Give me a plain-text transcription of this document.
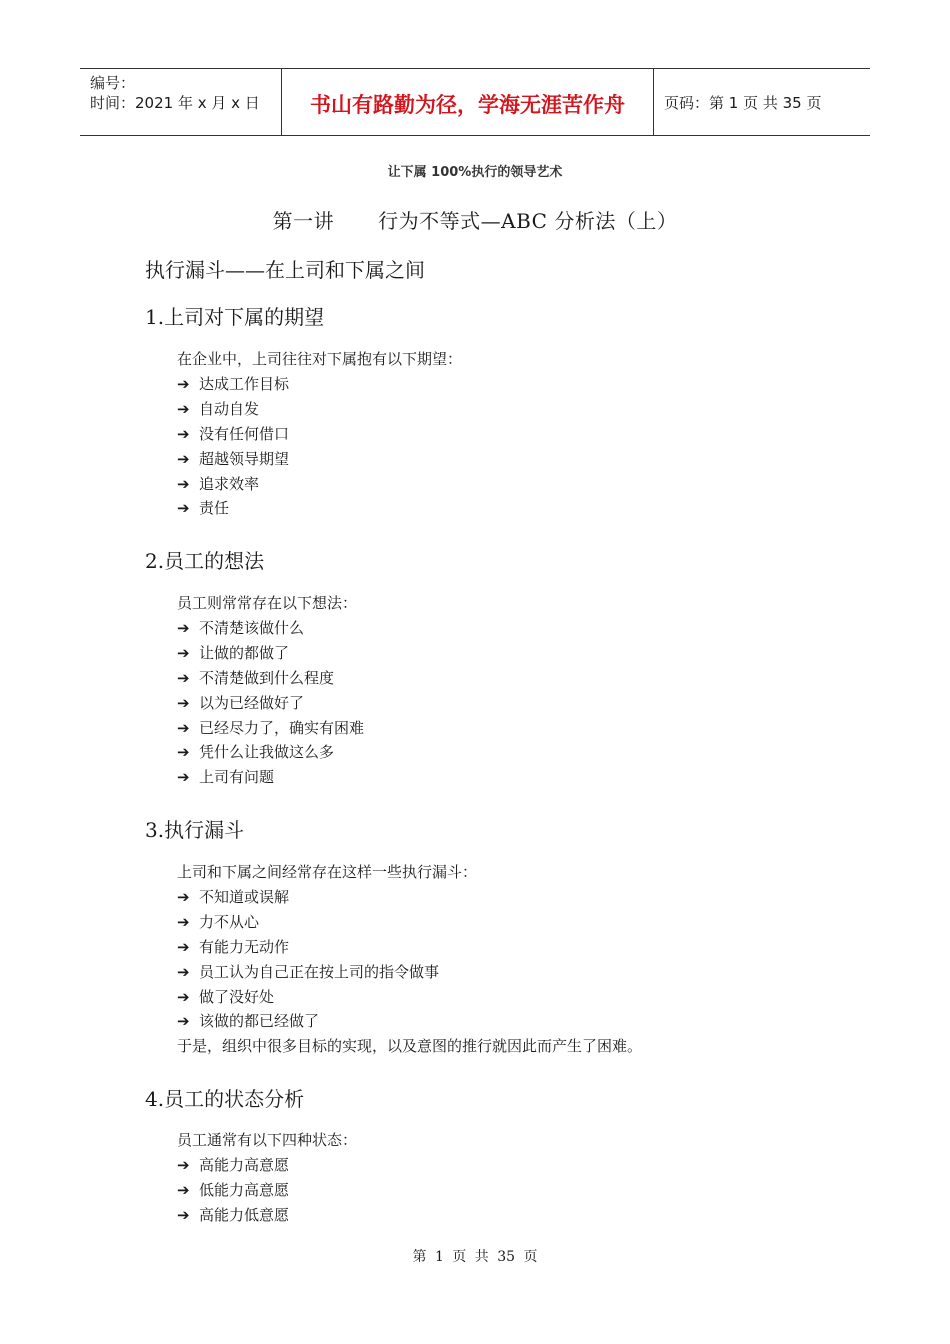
编号：
时间：2021 年 x 月 x 日	书山有路勤为径，学海无涯苦作舟	页码：第 1 页 共 35 页
让下属 100%执行的领导艺术
第一讲 行为不等式—ABC 分析法（上）
执行漏斗——在上司和下属之间
1.上司对下属的期望
在企业中，上司往往对下属抱有以下期望：
➔ 达成工作目标
➔ 自动自发
➔ 没有任何借口
➔ 超越领导期望
➔ 追求效率
➔ 责任
2.员工的想法
员工则常常存在以下想法：
➔ 不清楚该做什么
➔ 让做的都做了
➔ 不清楚做到什么程度
➔ 以为已经做好了
➔ 已经尽力了，确实有困难
➔ 凭什么让我做这么多
➔ 上司有问题
3.执行漏斗
上司和下属之间经常存在这样一些执行漏斗：
➔ 不知道或误解
➔ 力不从心
➔ 有能力无动作
➔ 员工认为自己正在按上司的指令做事
➔ 做了没好处
➔ 该做的都已经做了
于是，组织中很多目标的实现，以及意图的推行就因此而产生了困难。
4.员工的状态分析
员工通常有以下四种状态：
➔ 高能力高意愿
➔ 低能力高意愿
➔ 高能力低意愿
第 1 页 共 35 页
